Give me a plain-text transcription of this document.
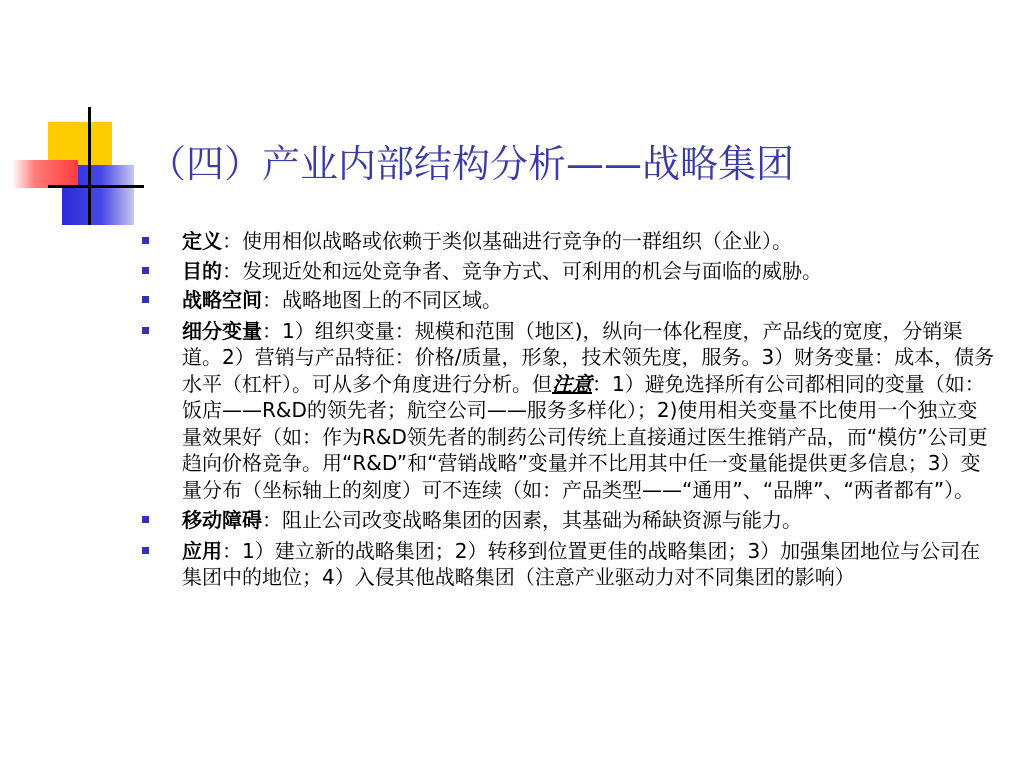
（四）产业内部结构分析——战略集团
定义：使用相似战略或依赖于类似基础进行竞争的一群组织（企业）。
目的：发现近处和远处竞争者、竞争方式、可利用的机会与面临的威胁。
战略空间：战略地图上的不同区域。
细分变量：1）组织变量：规模和范围（地区)，纵向一体化程度，产品线的宽度，分销渠道。2）营销与产品特征：价格/质量，形象，技术领先度，服务。3）财务变量：成本，债务水平（杠杆）。可从多个角度进行分析。但注意：1）避免选择所有公司都相同的变量（如：饭店——R&D的领先者；航空公司——服务多样化）；2)使用相关变量不比使用一个独立变量效果好（如：作为R&D领先者的制药公司传统上直接通过医生推销产品，而“模仿”公司更趋向价格竞争。用“R&D”和“营销战略”变量并不比用其中任一变量能提供更多信息；3）变量分布（坐标轴上的刻度）可不连续（如：产品类型——“通用”、“品牌”、“两者都有”）。
移动障碍：阻止公司改变战略集团的因素，其基础为稀缺资源与能力。
应用：1）建立新的战略集团；2）转移到位置更佳的战略集团；3）加强集团地位与公司在集团中的地位；4）入侵其他战略集团（注意产业驱动力对不同集团的影响）
